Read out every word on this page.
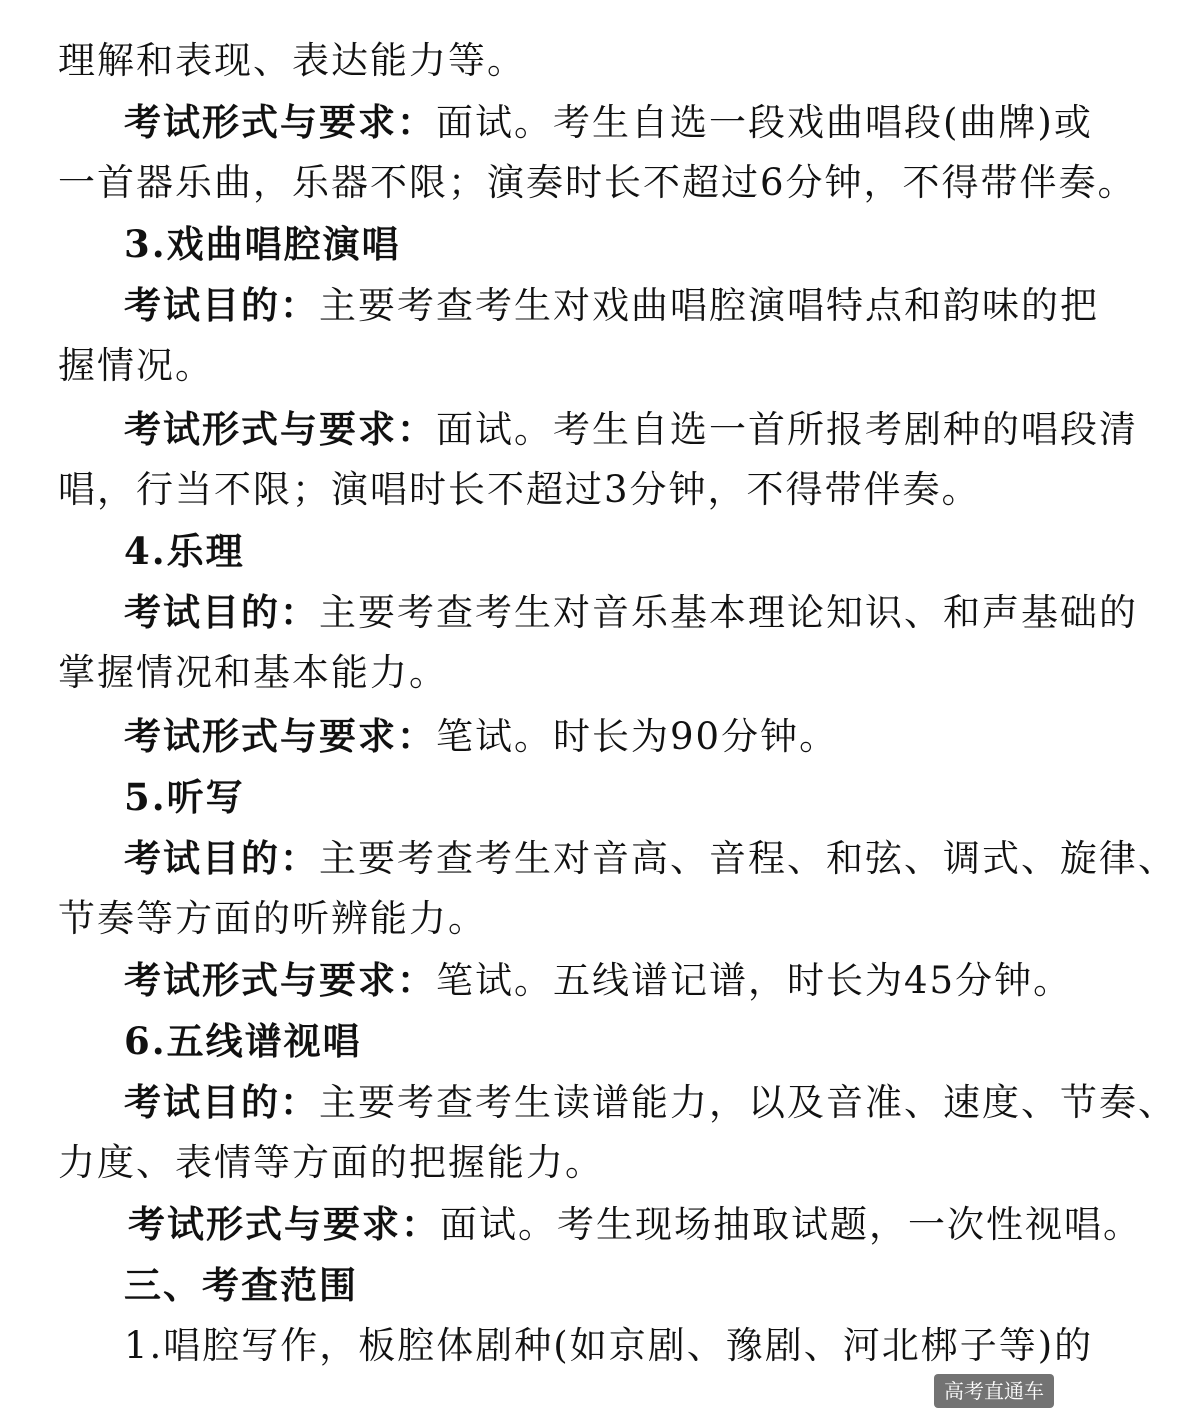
理解和表现、表达能力等。
考试形式与要求：面试。考生自选一段戏曲唱段(曲牌)或
一首器乐曲，乐器不限；演奏时长不超过6分钟，不得带伴奏。
3.戏曲唱腔演唱
考试目的：主要考查考生对戏曲唱腔演唱特点和韵味的把
握情况。
考试形式与要求：面试。考生自选一首所报考剧种的唱段清
唱，行当不限；演唱时长不超过3分钟，不得带伴奏。
4.乐理
考试目的：主要考查考生对音乐基本理论知识、和声基础的
掌握情况和基本能力。
考试形式与要求：笔试。时长为90分钟。
5.听写
考试目的：主要考查考生对音高、音程、和弦、调式、旋律、
节奏等方面的听辨能力。
考试形式与要求：笔试。五线谱记谱，时长为45分钟。
6.五线谱视唱
考试目的：主要考查考生读谱能力，以及音准、速度、节奏、
力度、表情等方面的把握能力。
考试形式与要求：面试。考生现场抽取试题，一次性视唱。
三、考查范围
1.唱腔写作，板腔体剧种(如京剧、豫剧、河北梆子等)的
高考直通车
